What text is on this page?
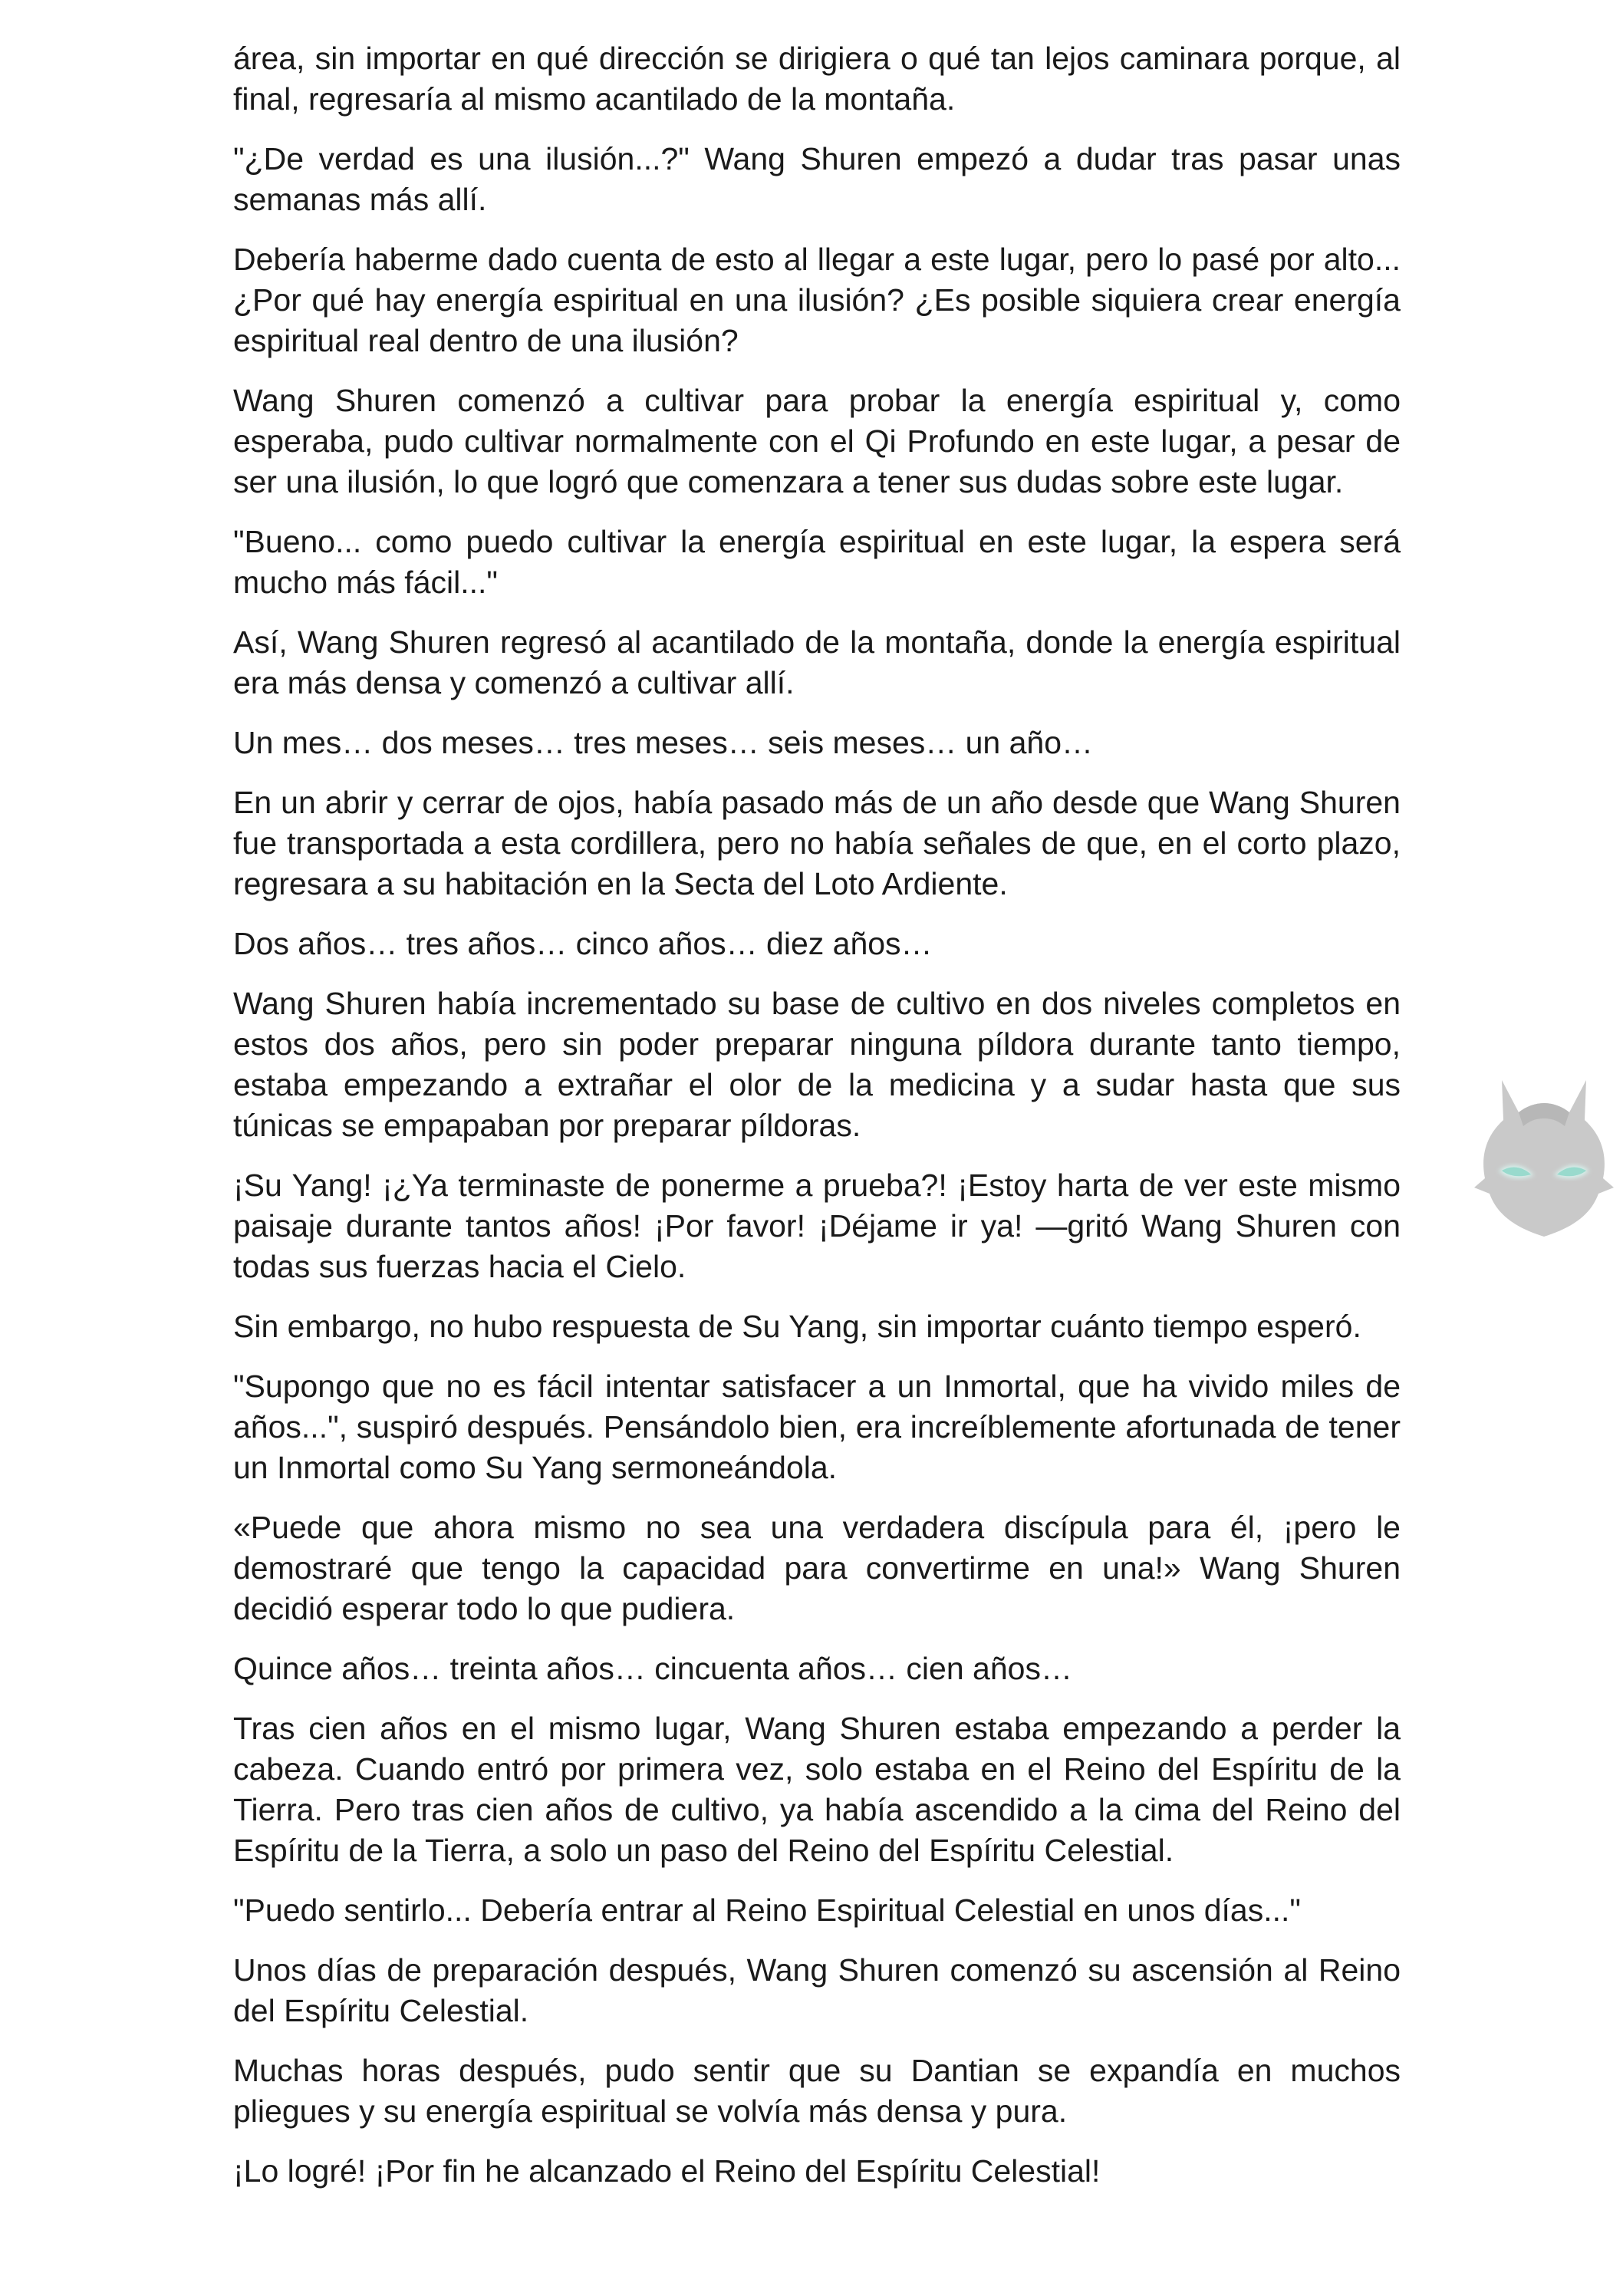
área, sin importar en qué dirección se dirigiera o qué tan lejos caminara porque, al final, regresaría al mismo acantilado de la montaña.

"¿De verdad es una ilusión...?" Wang Shuren empezó a dudar tras pasar unas semanas más allí.

Debería haberme dado cuenta de esto al llegar a este lugar, pero lo pasé por alto... ¿Por qué hay energía espiritual en una ilusión? ¿Es posible siquiera crear energía espiritual real dentro de una ilusión?

Wang Shuren comenzó a cultivar para probar la energía espiritual y, como esperaba, pudo cultivar normalmente con el Qi Profundo en este lugar, a pesar de ser una ilusión, lo que logró que comenzara a tener sus dudas sobre este lugar.

"Bueno... como puedo cultivar la energía espiritual en este lugar, la espera será mucho más fácil..."

Así, Wang Shuren regresó al acantilado de la montaña, donde la energía espiritual era más densa y comenzó a cultivar allí.

Un mes… dos meses… tres meses… seis meses… un año…

En un abrir y cerrar de ojos, había pasado más de un año desde que Wang Shuren fue transportada a esta cordillera, pero no había señales de que, en el corto plazo, regresara a su habitación en la Secta del Loto Ardiente.

Dos años… tres años… cinco años… diez años…

Wang Shuren había incrementado su base de cultivo en dos niveles completos en estos dos años, pero sin poder preparar ninguna píldora durante tanto tiempo, estaba empezando a extrañar el olor de la medicina y a sudar hasta que sus túnicas se empapaban por preparar píldoras.

¡Su Yang! ¡¿Ya terminaste de ponerme a prueba?! ¡Estoy harta de ver este mismo paisaje durante tantos años! ¡Por favor! ¡Déjame ir ya! —gritó Wang Shuren con todas sus fuerzas hacia el Cielo.

Sin embargo, no hubo respuesta de Su Yang, sin importar cuánto tiempo esperó.

"Supongo que no es fácil intentar satisfacer a un Inmortal, que ha vivido miles de años...", suspiró después. Pensándolo bien, era increíblemente afortunada de tener un Inmortal como Su Yang sermoneándola.

«Puede que ahora mismo no sea una verdadera discípula para él, ¡pero le demostraré que tengo la capacidad para convertirme en una!» Wang Shuren decidió esperar todo lo que pudiera.

Quince años… treinta años… cincuenta años… cien años…

Tras cien años en el mismo lugar, Wang Shuren estaba empezando a perder la cabeza. Cuando entró por primera vez, solo estaba en el Reino del Espíritu de la Tierra. Pero tras cien años de cultivo, ya había ascendido a la cima del Reino del Espíritu de la Tierra, a solo un paso del Reino del Espíritu Celestial.

"Puedo sentirlo... Debería entrar al Reino Espiritual Celestial en unos días..."

Unos días de preparación después, Wang Shuren comenzó su ascensión al Reino del Espíritu Celestial.

Muchas horas después, pudo sentir que su Dantian se expandía en muchos pliegues y su energía espiritual se volvía más densa y pura.

¡Lo logré! ¡Por fin he alcanzado el Reino del Espíritu Celestial!
